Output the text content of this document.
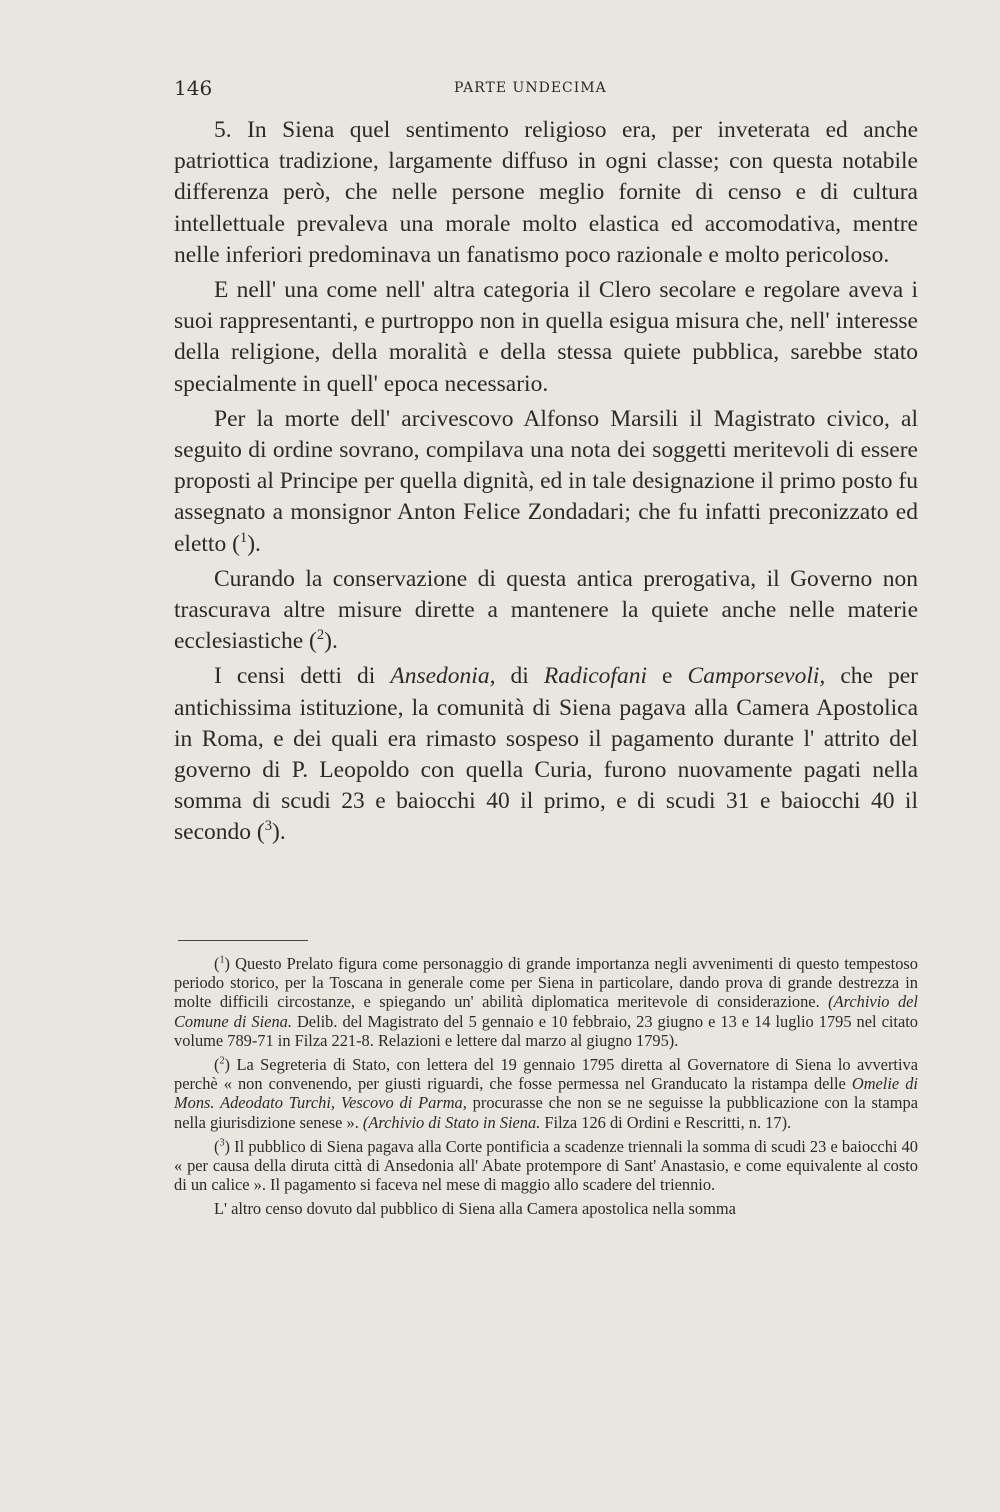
146	PARTE UNDECIMA

5. In Siena quel sentimento religioso era, per inveterata ed anche patriottica tradizione, largamente diffuso in ogni classe; con questa notabile differenza però, che nelle persone meglio fornite di censo e di cultura intellettuale prevaleva una morale molto elastica ed accomodativa, mentre nelle inferiori predominava un fanatismo poco razionale e molto pericoloso.

E nell' una come nell' altra categoria il Clero secolare e regolare aveva i suoi rappresentanti, e purtroppo non in quella esigua misura che, nell' interesse della religione, della moralità e della stessa quiete pubblica, sarebbe stato specialmente in quell' epoca necessario.

Per la morte dell' arcivescovo Alfonso Marsili il Magistrato civico, al seguito di ordine sovrano, compilava una nota dei soggetti meritevoli di essere proposti al Principe per quella dignità, ed in tale designazione il primo posto fu assegnato a monsignor Anton Felice Zondadari; che fu infatti preconizzato ed eletto ($^1$).

Curando la conservazione di questa antica prerogativa, il Governo non trascurava altre misure dirette a mantenere la quiete anche nelle materie ecclesiastiche ($^2$).

I censi detti di Ansedonia, di Radicofani e Camporsevoli, che per antichissima istituzione, la comunità di Siena pagava alla Camera Apostolica in Roma, e dei quali era rimasto sospeso il pagamento durante l' attrito del governo di P. Leopoldo con quella Curia, furono nuovamente pagati nella somma di scudi 23 e baiocchi 40 il primo, e di scudi 31 e baiocchi 40 il secondo ($^3$).

($^1$) Questo Prelato figura come personaggio di grande importanza negli avvenimenti di questo tempestoso periodo storico, per la Toscana in generale come per Siena in particolare, dando prova di grande destrezza in molte difficili circostanze, e spiegando un' abilità diplomatica meritevole di considerazione. (Archivio del Comune di Siena. Delib. del Magistrato del 5 gennaio e 10 febbraio, 23 giugno e 13 e 14 luglio 1795 nel citato volume 789-71 in Filza 221-8. Relazioni e lettere dal marzo al giugno 1795).

($^2$) La Segreteria di Stato, con lettera del 19 gennaio 1795 diretta al Governatore di Siena lo avvertiva perchè « non convenendo, per giusti riguardi, che fosse permessa nel Granducato la ristampa delle Omelie di Mons. Adeodato Turchi, Vescovo di Parma, procurasse che non se ne seguisse la pubblicazione con la stampa nella giurisdizione senese ». (Archivio di Stato in Siena. Filza 126 di Ordini e Rescritti, n. 17).

($^3$) Il pubblico di Siena pagava alla Corte pontificia a scadenze triennali la somma di scudi 23 e baiocchi 40 « per causa della diruta città di Ansedonia all' Abate protempore di Sant' Anastasio, e come equivalente al costo di un calice ». Il pagamento si faceva nel mese di maggio allo scadere del triennio.

L' altro censo dovuto dal pubblico di Siena alla Camera apostolica nella somma
